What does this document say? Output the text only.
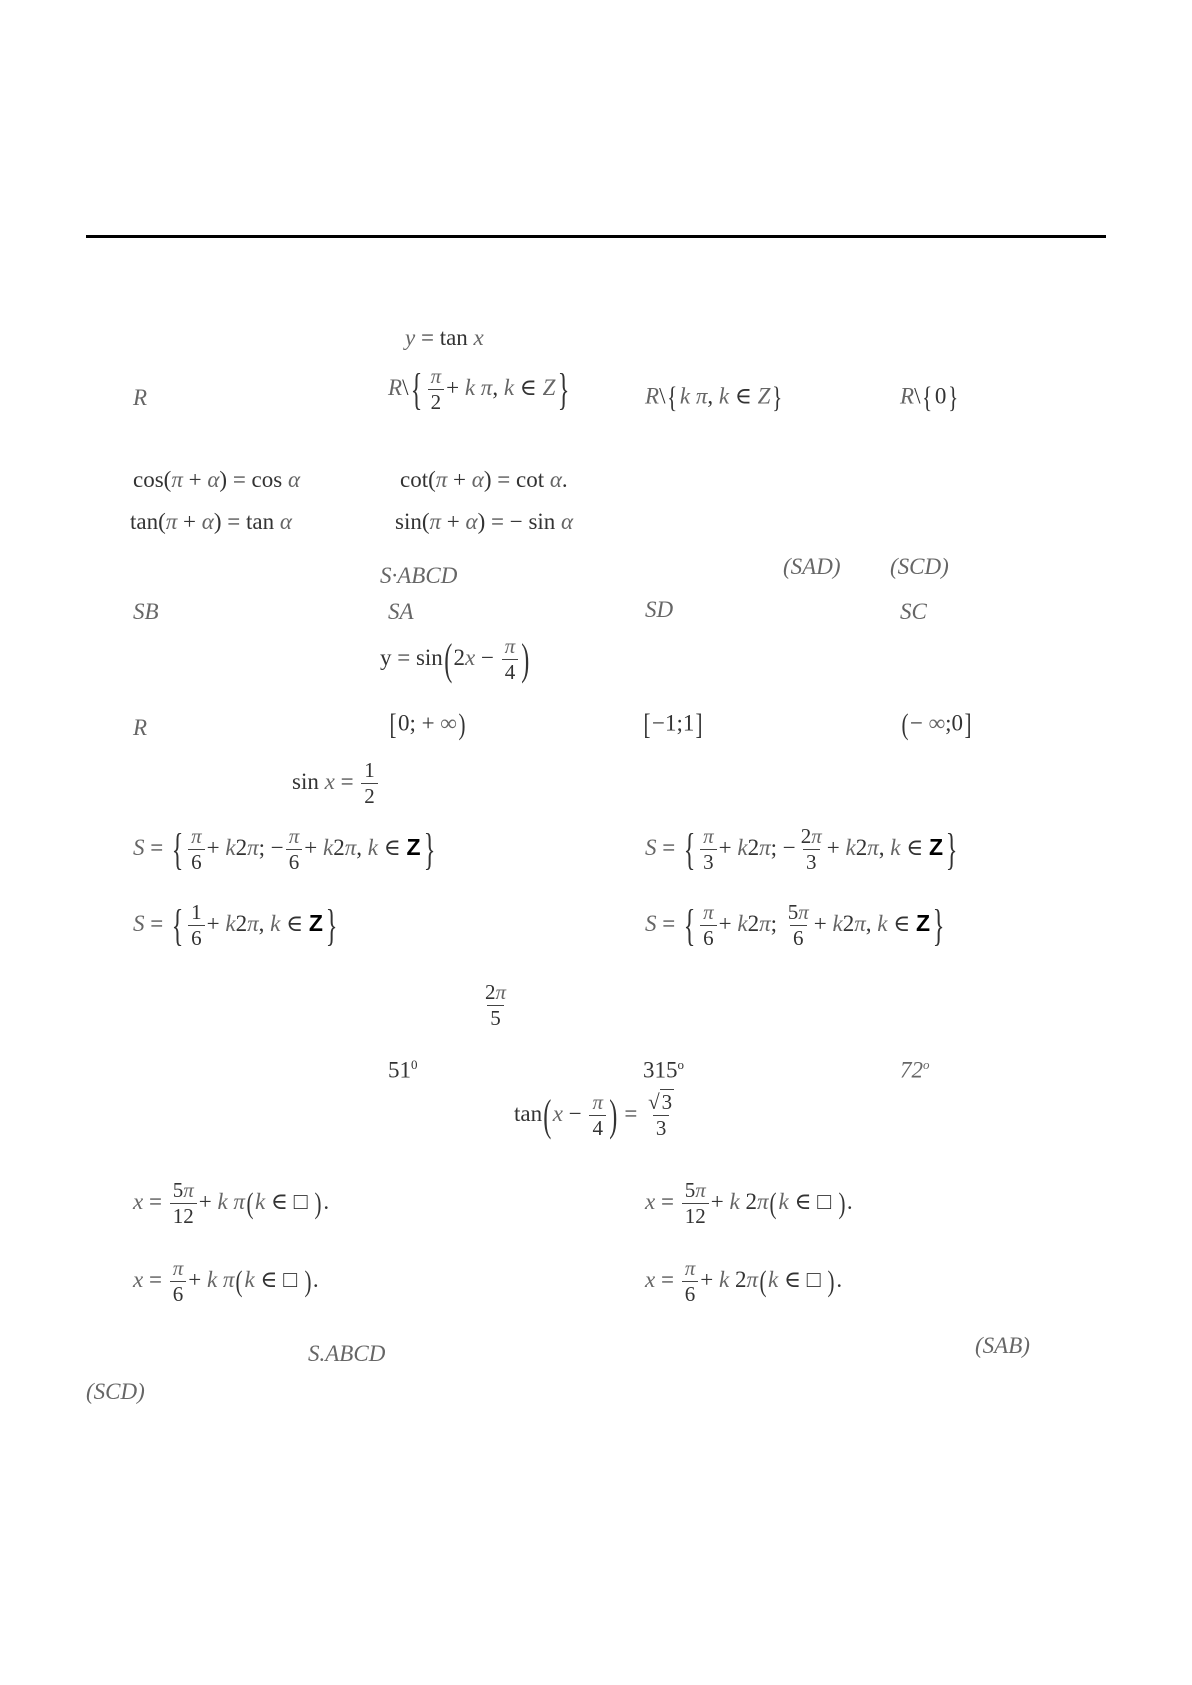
y = tan x
R	R\{ $\frac{\pi}{2} + k$ π, k ∈ Z}	R\{k π, k ∈ Z}	R\{0}
cos(π + α) = cos α	cot(π + α) = cot α.
tan(π + α) = tan α	sin(π + α) = − sin α
S·ABCD	(SAD) (SCD)
SB	SA	SD	SC
$y = \sin(2x - \frac{\pi}{4}$ )
R	[0; + ∞)	[−1;1]	(− ∞;0]
$\sin x = \frac{1}{2}$
S = { $\frac{\pi}{6} + k2\pi$; − $\frac{\pi}{6} + k2\pi$, k ∈ Z}	S = { $\frac{\pi}{3} + k2\pi$; − $\frac{2\pi}{3} + k2\pi$, k ∈ Z}
S = { $\frac{1}{6} + k2\pi$, k ∈ Z}	S = { $\frac{\pi}{6} + k2\pi$; $\frac{5\pi}{6} + k2\pi$, k ∈ Z}
$\frac{2\pi}{5}$
$51^0$	315$^o$	72$^o$
$\tan(x - \frac{\pi}{4}$ ) = $\frac{√3}{3}$
$x = \frac{5\pi}{12} + k$ π(k ∈ □ ).	$x = \frac{5\pi}{12} + k$ 2π(k ∈ □ ).
$x = \frac{\pi}{6} + k$ π(k ∈ □ ).	$x = \frac{\pi}{6} + k$ 2π(k ∈ □ ).
S.ABCD	(SAB)
(SCD)
